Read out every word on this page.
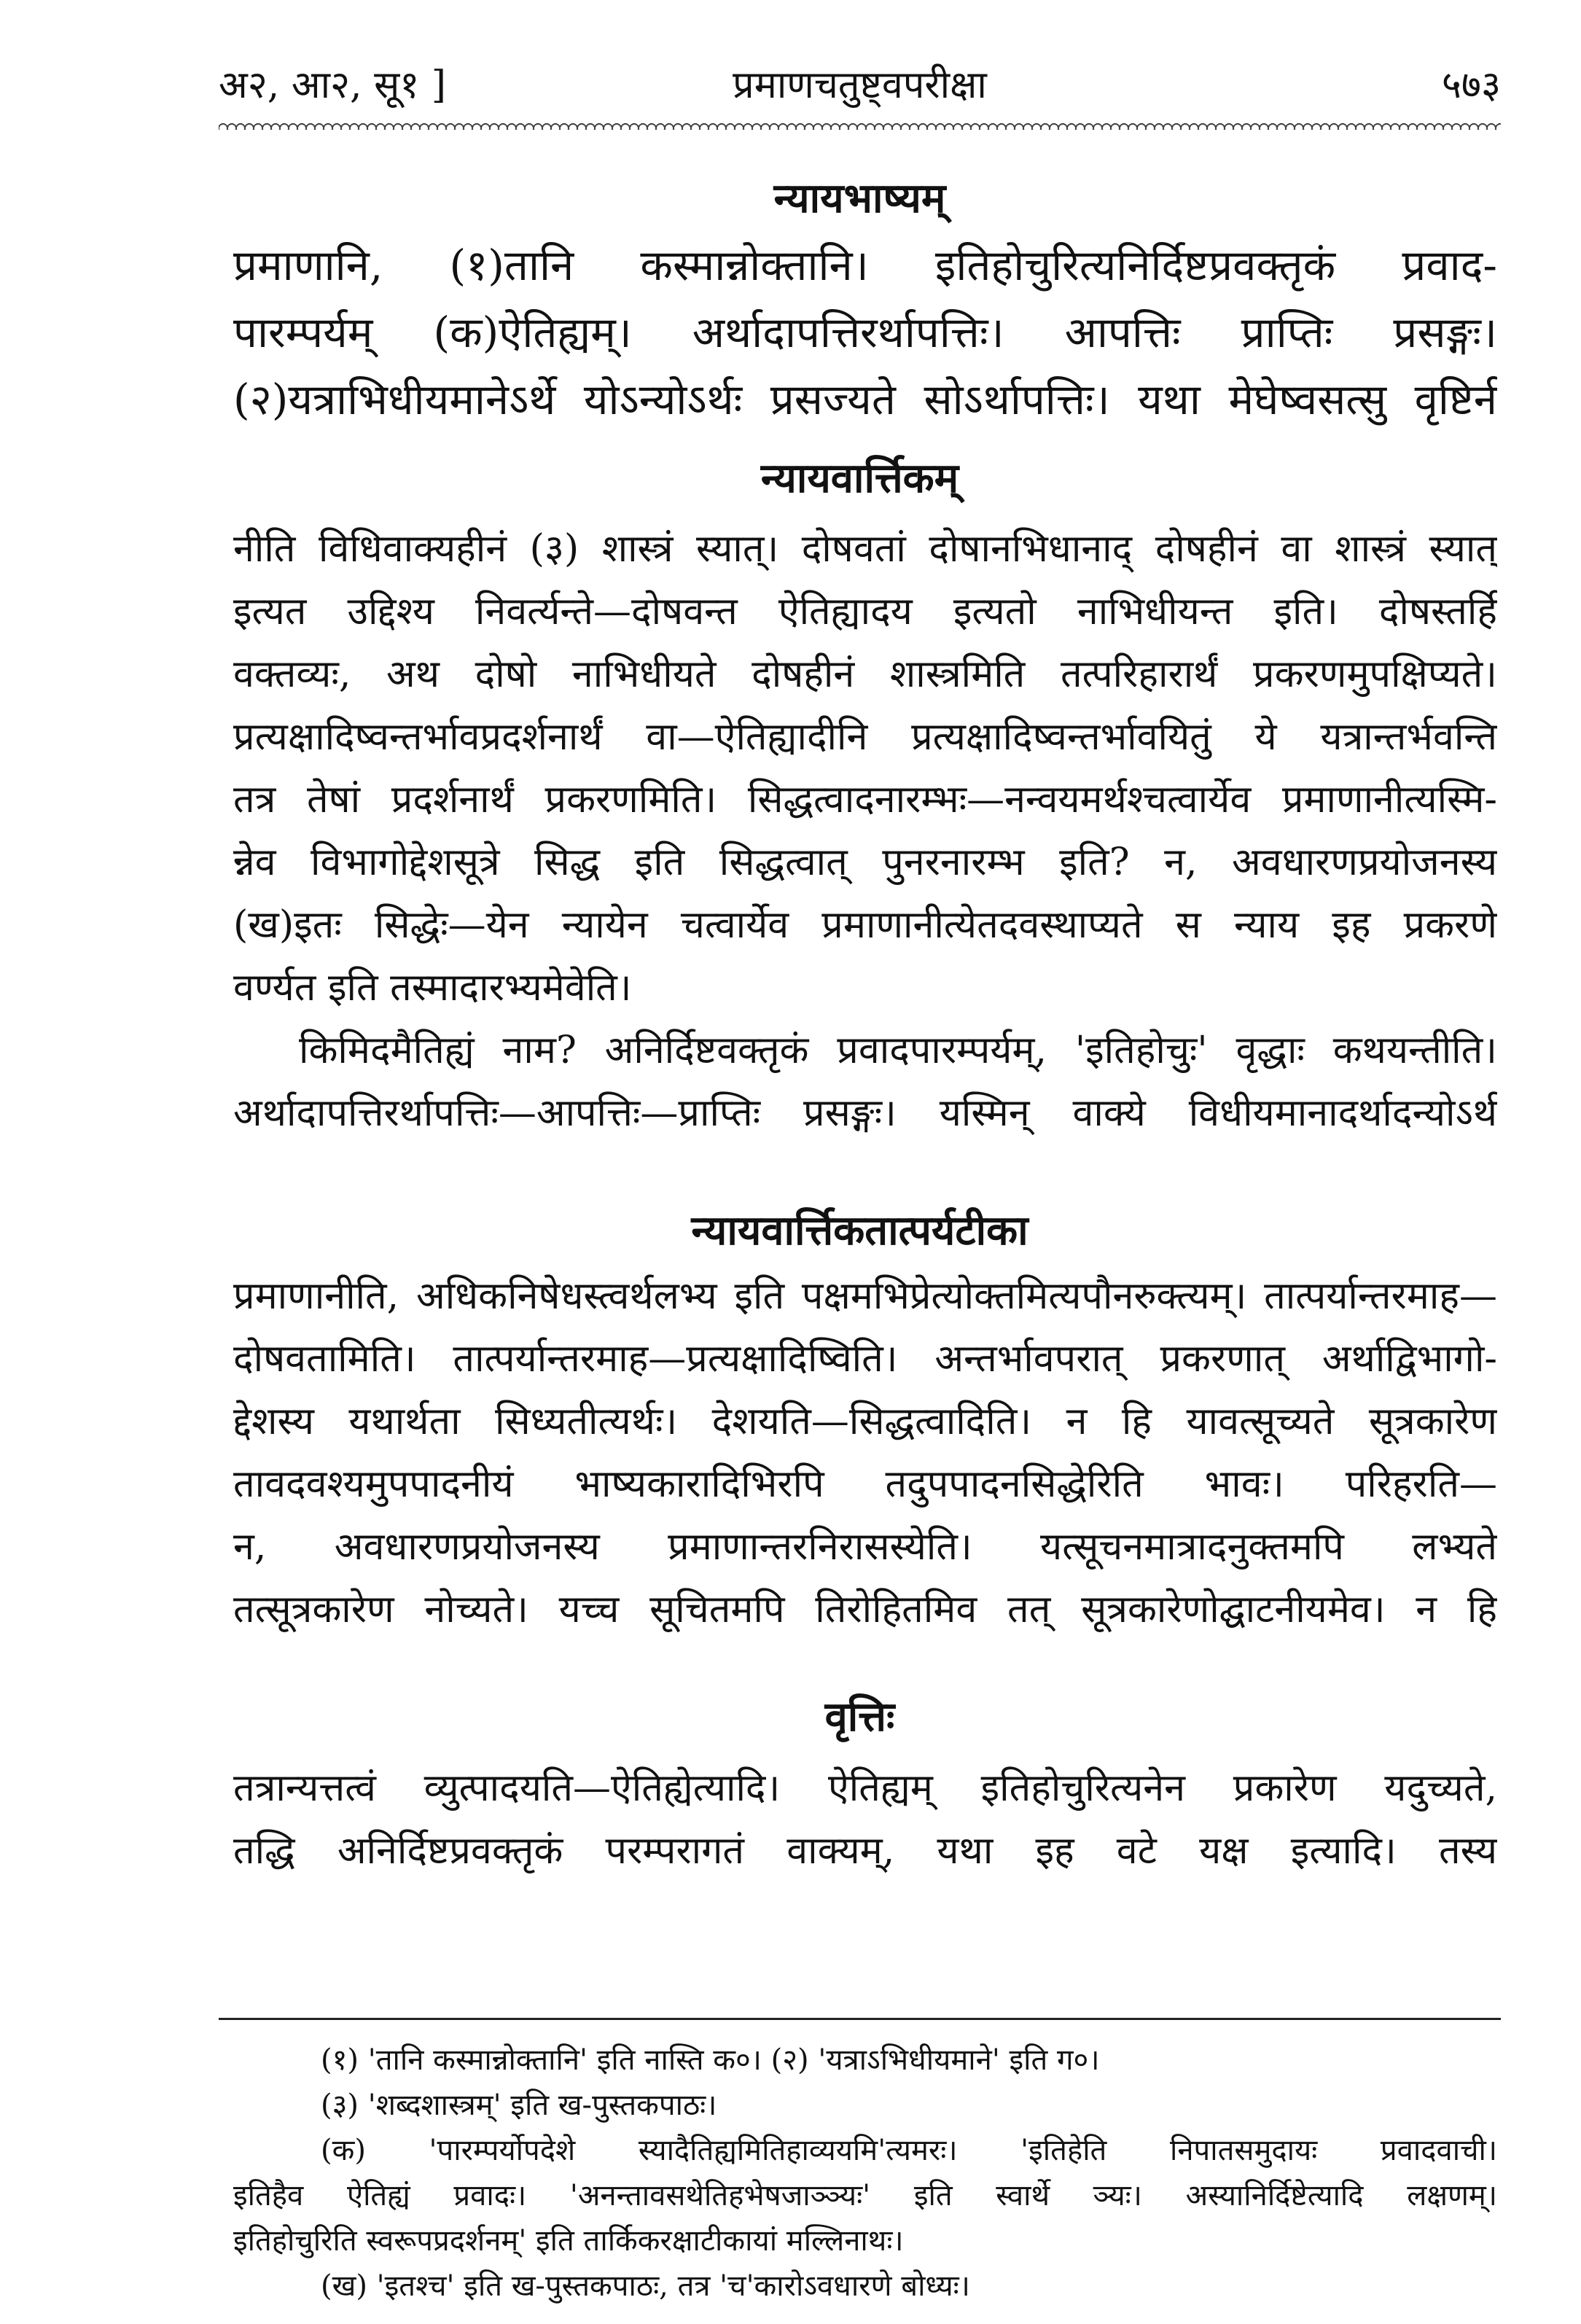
प्रमाणचतुष्ट्वपरीक्षा
अ२, आ२, सू१ ]	५७३
न्यायभाष्यम्
प्रमाणानि, (१)तानि कस्मान्नोक्तानि। इतिहोचुरित्यनिर्दिष्टप्रवक्तृकं प्रवाद-
पारम्पर्यम् (क)ऐतिह्यम्। अर्थादापत्तिरर्थापत्तिः। आपत्तिः प्राप्तिः प्रसङ्गः।
(२)यत्राभिधीयमानेऽर्थे योऽन्योऽर्थः प्रसज्यते सोऽर्थापत्तिः। यथा मेघेष्वसत्सु वृष्टिर्न
न्यायवार्त्तिकम्
नीति विधिवाक्यहीनं (३) शास्त्रं स्यात्। दोषवतां दोषानभिधानाद् दोषहीनं वा शास्त्रं स्यात्
इत्यत उद्दिश्य निवर्त्यन्ते—दोषवन्त ऐतिह्यादय इत्यतो नाभिधीयन्त इति। दोषस्तर्हि
वक्तव्यः, अथ दोषो नाभिधीयते दोषहीनं शास्त्रमिति तत्परिहारार्थं प्रकरणमुपक्षिप्यते।
प्रत्यक्षादिष्वन्तर्भावप्रदर्शनार्थं वा—ऐतिह्यादीनि प्रत्यक्षादिष्वन्तर्भावयितुं ये यत्रान्तर्भवन्ति
तत्र तेषां प्रदर्शनार्थं प्रकरणमिति। सिद्धत्वादनारम्भः—नन्वयमर्थश्चत्वार्येव प्रमाणानीत्यस्मि-
न्नेव विभागोद्देशसूत्रे सिद्ध इति सिद्धत्वात् पुनरनारम्भ इति? न, अवधारणप्रयोजनस्य
(ख)इतः सिद्धेः—येन न्यायेन चत्वार्येव प्रमाणानीत्येतदवस्थाप्यते स न्याय इह प्रकरणे
वर्ण्यत इति तस्मादारभ्यमेवेति।
किमिदमैतिह्यं नाम? अनिर्दिष्टवक्तृकं प्रवादपारम्पर्यम्, 'इतिहोचुः' वृद्धाः कथयन्तीति।
अर्थादापत्तिरर्थापत्तिः—आपत्तिः—प्राप्तिः प्रसङ्गः। यस्मिन् वाक्ये विधीयमानादर्थादन्योऽर्थ
न्यायवार्त्तिकतात्पर्यटीका
प्रमाणानीति, अधिकनिषेधस्त्वर्थलभ्य इति पक्षमभिप्रेत्योक्तमित्यपौनरुक्त्यम्। तात्पर्यान्तरमाह—
दोषवतामिति। तात्पर्यान्तरमाह—प्रत्यक्षादिष्विति। अन्तर्भावपरात् प्रकरणात् अर्थाद्विभागो-
द्देशस्य यथार्थता सिध्यतीत्यर्थः। देशयति—सिद्धत्वादिति। न हि यावत्सूच्यते सूत्रकारेण
तावदवश्यमुपपादनीयं भाष्यकारादिभिरपि तदुपपादनसिद्धेरिति भावः। परिहरति—
न, अवधारणप्रयोजनस्य प्रमाणान्तरनिरासस्येति। यत्सूचनमात्रादनुक्तमपि लभ्यते
तत्सूत्रकारेण नोच्यते। यच्च सूचितमपि तिरोहितमिव तत् सूत्रकारेणोद्घाटनीयमेव। न हि
वृत्तिः
तत्रान्यत्तत्वं व्युत्पादयति—ऐतिह्येत्यादि। ऐतिह्यम् इतिहोचुरित्यनेन प्रकारेण यदुच्यते,
तद्धि अनिर्दिष्टप्रवक्तृकं परम्परागतं वाक्यम्, यथा इह वटे यक्ष इत्यादि। तस्य
(१) 'तानि कस्मान्नोक्तानि' इति नास्ति क०। (२) 'यत्राऽभिधीयमाने' इति ग०।
(३) 'शब्दशास्त्रम्' इति ख-पुस्तकपाठः।
(क) 'पारम्पर्योपदेशे स्यादैतिह्यमितिहाव्ययमि'त्यमरः। 'इतिहेति निपातसमुदायः प्रवादवाची।
इतिहैव ऐतिह्यं प्रवादः। 'अनन्तावसथेतिहभेषजाञ्ञ्यः' इति स्वार्थे ञ्यः। अस्यानिर्दिष्टेत्यादि लक्षणम्।
इतिहोचुरिति स्वरूपप्रदर्शनम्' इति तार्किकरक्षाटीकायां मल्लिनाथः।
(ख) 'इतश्च' इति ख-पुस्तकपाठः, तत्र 'च'कारोऽवधारणे बोध्यः।
